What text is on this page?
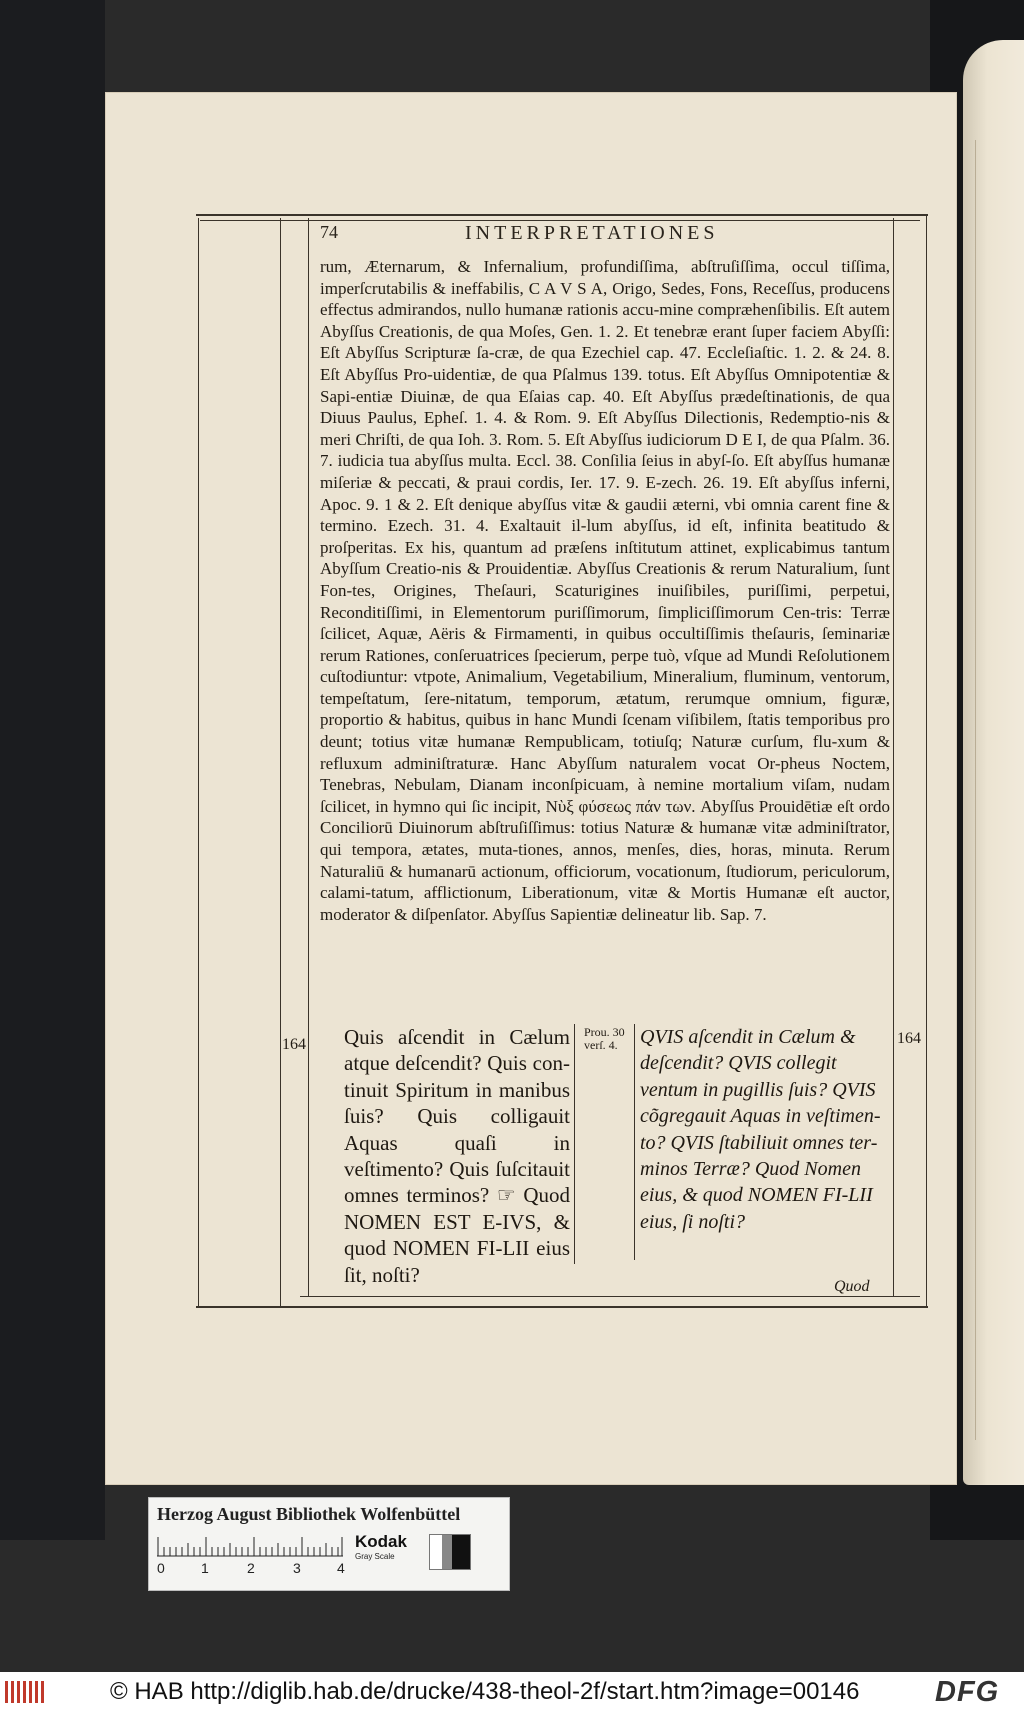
74	INTERPRETATIONES

rum, Æternarum, & Infernalium, profundiſſima, abſtruſiſſima, occul tiſſima, imperſcrutabilis & ineffabilis, C A V S A, Origo, Sedes, Fons, Receſſus, producens effectus admirandos, nullo humanæ rationis accu-mine compræhenſibilis. Eſt autem Abyſſus Creationis, de qua Moſes, Gen. 1. 2. Et tenebræ erant ſuper faciem Abyſſi: Eſt Abyſſus Scripturæ ſa-cræ, de qua Ezechiel cap. 47. Eccleſiaſtic. 1. 2. & 24. 8. Eſt Abyſſus Pro-uidentiæ, de qua Pſalmus 139. totus. Eſt Abyſſus Omnipotentiæ & Sapi-entiæ Diuinæ, de qua Eſaias cap. 40. Eſt Abyſſus prædeſtinationis, de qua Diuus Paulus, Epheſ. 1. 4. & Rom. 9. Eſt Abyſſus Dilectionis, Redemptio-nis & meri Chriſti, de qua Ioh. 3. Rom. 5. Eſt Abyſſus iudiciorum D E I, de qua Pſalm. 36. 7. iudicia tua abyſſus multa. Eccl. 38. Conſilia ſeius in abyſ-ſo. Eſt abyſſus humanæ miſeriæ & peccati, & praui cordis, Ier. 17. 9. E-zech. 26. 19. Eſt abyſſus inferni, Apoc. 9. 1 & 2. Eſt denique abyſſus vitæ & gaudii æterni, vbi omnia carent fine & termino. Ezech. 31. 4. Exaltauit il-lum abyſſus, id eſt, infinita beatitudo & proſperitas. Ex his, quantum ad præſens inſtitutum attinet, explicabimus tantum Abyſſum Creatio-nis & Prouidentiæ. Abyſſus Creationis & rerum Naturalium, ſunt Fon-tes, Origines, Theſauri, Scaturigines inuiſibiles, puriſſimi, perpetui, Reconditiſſimi, in Elementorum puriſſimorum, ſimpliciſſimorum Cen-tris: Terræ ſcilicet, Aquæ, Aëris & Firmamenti, in quibus occultiſſimis theſauris, ſeminariæ rerum Rationes, conſeruatrices ſpecierum, perpe tuò, vſque ad Mundi Reſolutionem cuſtodiuntur: vtpote, Animalium, Vegetabilium, Mineralium, fluminum, ventorum, tempeſtatum, ſere-nitatum, temporum, ætatum, rerumque omnium, figuræ, proportio & habitus, quibus in hanc Mundi ſcenam viſibilem, ſtatis temporibus pro deunt; totius vitæ humanæ Rempublicam, totiuſq; Naturæ curſum, flu-xum & refluxum adminiſtraturæ. Hanc Abyſſum naturalem vocat Or-pheus Noctem, Tenebras, Nebulam, Dianam inconſpicuam, à nemine mortalium viſam, nudam ſcilicet, in hymno qui ſic incipit, Νὺξ φύσεως πάν των. Abyſſus Prouidētiæ eſt ordo Conciliorū Diuinorum abſtruſiſſimus: totius Naturæ & humanæ vitæ adminiſtrator, qui tempora, ætates, muta-tiones, annos, menſes, dies, horas, minuta. Rerum Naturaliū & humanarū actionum, officiorum, vocationum, ſtudiorum, periculorum, calami-tatum, afflictionum, Liberationum, vitæ & Mortis Humanæ eſt auctor, moderator & diſpenſator. Abyſſus Sapientiæ delineatur lib. Sap. 7.

164	164

Quis aſcendit in Cælum atque deſcendit? Quis con-tinuit Spiritum in manibus ſuis? Quis colligauit Aquas quaſi in veſtimento? Quis ſuſcitauit omnes terminos? ☞ Quod NOMEN EST E-IVS, & quod NOMEN FI-LII eius ſit, noſti?

Prou. 30 verſ. 4.	QVIS aſcendit in Cælum & deſcendit? QVIS collegit ventum in pugillis ſuis? QVIS cõgregauit Aquas in veſtimen-to? QVIS ſtabiliuit omnes ter-minos Terræ? Quod Nomen eius, & quod NOMEN FI-LII eius, ſi noſti?

Quod
Herzog August Bibliothek Wolfenbüttel
0	1	2	3	4
Kodak
Gray Scale
© HAB http://diglib.hab.de/drucke/438-theol-2f/start.htm?image=00146	DFG
